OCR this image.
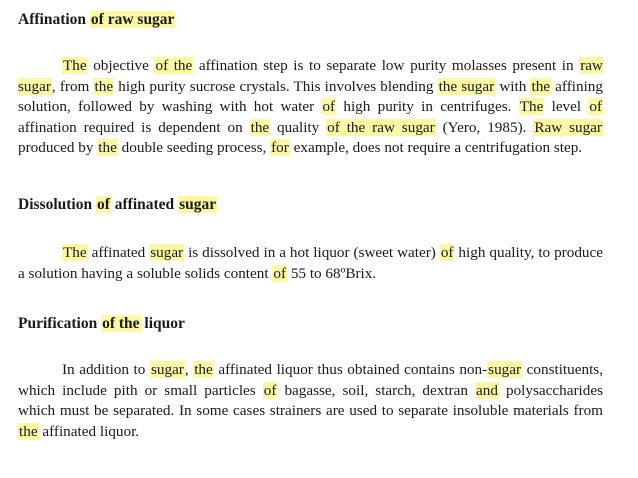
Affination of raw sugar
The objective of the affination step is to separate low purity molasses present in raw sugar, from the high purity sucrose crystals. This involves blending the sugar with the affining solution, followed by washing with hot water of high purity in centrifuges. The level of affination required is dependent on the quality of the raw sugar (Yero, 1985). Raw sugar produced by the double seeding process, for example, does not require a centrifugation step.
Dissolution of affinated sugar
The affinated sugar is dissolved in a hot liquor (sweet water) of high quality, to produce a solution having a soluble solids content of 55 to 68ºBrix.
Purification of the liquor
In addition to sugar, the affinated liquor thus obtained contains non-sugar constituents, which include pith or small particles of bagasse, soil, starch, dextran and polysaccharides which must be separated. In some cases strainers are used to separate insoluble materials from the affinated liquor.
